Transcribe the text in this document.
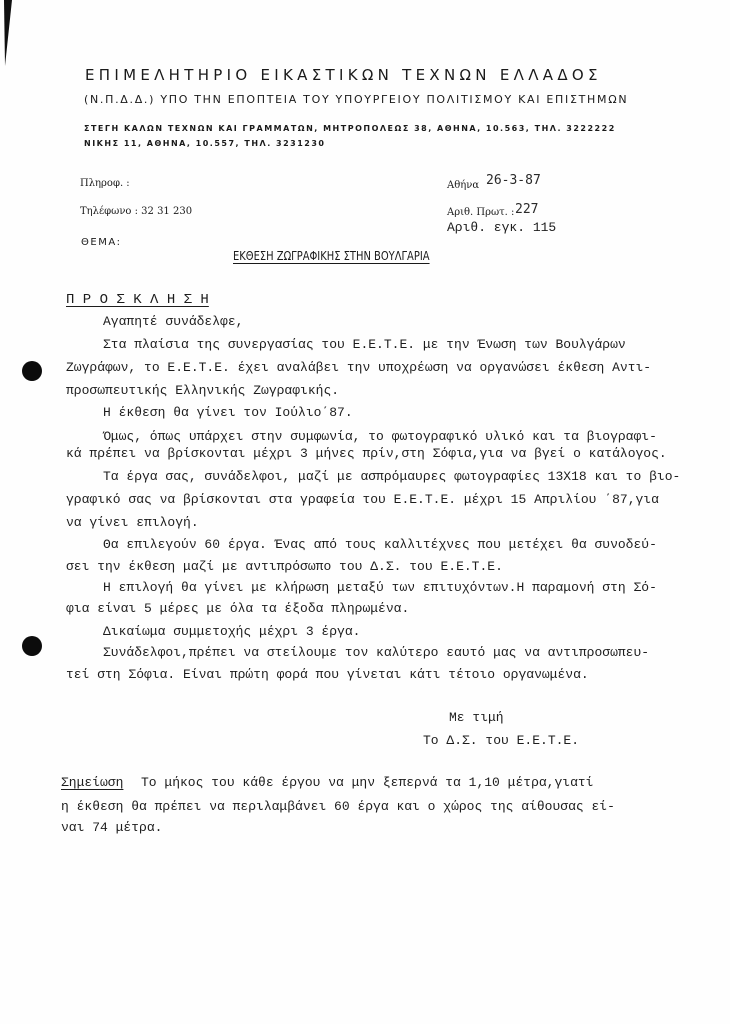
ΕΠΙΜΕΛΗΤΗΡΙΟ ΕΙΚΑΣΤΙΚΩΝ ΤΕΧΝΩΝ ΕΛΛΑΔΟΣ
(Ν.Π.Δ.Δ.) ΥΠΟ ΤΗΝ ΕΠΟΠΤΕΙΑ ΤΟΥ ΥΠΟΥΡΓΕΙΟΥ ΠΟΛΙΤΙΣΜΟΥ ΚΑΙ ΕΠΙΣΤΗΜΩΝ
ΣΤΕΓΗ ΚΑΛΩΝ ΤΕΧΝΩΝ ΚΑΙ ΓΡΑΜΜΑΤΩΝ, ΜΗΤΡΟΠΟΛΕΩΣ 38, ΑΘΗΝΑ, 10.563, ΤΗΛ. 3222222
ΝΙΚΗΣ 11, ΑΘΗΝΑ, 10.557, ΤΗΛ. 3231230
Πληροφ. :
Τηλέφωνο : 32 31 230
ΘΕΜΑ:
Αθήνα 26-3-87
Αριθ. Πρωτ. : 227
Αριθ. εγκ. 115
ΕΚΘΕΣΗ ΖΩΓΡΑΦΙΚΗΣ ΣΤΗΝ ΒΟΥΛΓΑΡΙΑ
Π Ρ Ο Σ Κ Λ Η Σ Η
Αγαπητέ συνάδελφε,
Στα πλαίσια της συνεργασίας του Ε.Ε.Τ.Ε. με την Ένωση των Βουλγάρων
Ζωγράφων, το Ε.Ε.Τ.Ε. έχει αναλάβει την υποχρέωση να οργανώσει έκθεση Αντι-
προσωπευτικής Ελληνικής Ζωγραφικής.
Η έκθεση θα γίνει τον Ιούλιο΄87.
Όμως, όπως υπάρχει στην συμφωνία, το φωτογραφικό υλικό και τα βιογραφι-
κά πρέπει να βρίσκονται μέχρι 3 μήνες πρίν,στη Σόφια,για να βγεί ο κατάλογος.
Τα έργα σας, συνάδελφοι, μαζί με ασπρόμαυρες φωτογραφίες 13Χ18 και το βιο-
γραφικό σας να βρίσκονται στα γραφεία του Ε.Ε.Τ.Ε. μέχρι 15 Απριλίου ΄87,για
να γίνει επιλογή.
Θα επιλεγούν 60 έργα. Ένας από τους καλλιτέχνες που μετέχει θα συνοδεύ-
σει την έκθεση μαζί με αντιπρόσωπο του Δ.Σ. του Ε.Ε.Τ.Ε.
Η επιλογή θα γίνει με κλήρωση μεταξύ των επιτυχόντων.Η παραμονή στη Σό-
φια είναι 5 μέρες με όλα τα έξοδα πληρωμένα.
Δικαίωμα συμμετοχής μέχρι 3 έργα.
Συνάδελφοι,πρέπει να στείλουμε τον καλύτερο εαυτό μας να αντιπροσωπευ-
τεί στη Σόφια. Είναι πρώτη φορά που γίνεται κάτι τέτοιο οργανωμένα.
Με τιμή
Το Δ.Σ. του Ε.Ε.Τ.Ε.
Σημείωση Το μήκος του κάθε έργου να μην ξεπερνά τα 1,10 μέτρα,γιατί
η έκθεση θα πρέπει να περιλαμβάνει 60 έργα και ο χώρος της αίθουσας εί-
ναι 74 μέτρα.
